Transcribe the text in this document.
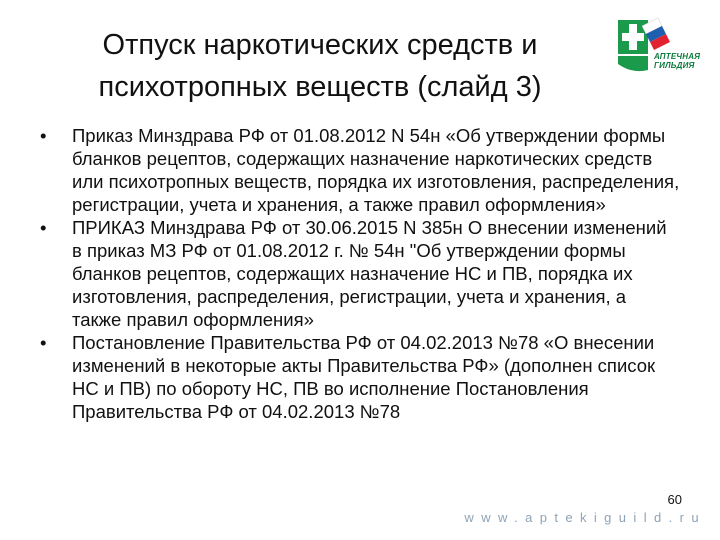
Отпуск наркотических средств и
психотропных веществ (слайд 3)
АПТЕЧНАЯ
ГИЛЬДИЯ
•	Приказ Минздрава РФ от 01.08.2012 N 54н «Об утверждении формы бланков рецептов, содержащих назначение наркотических средств или психотропных веществ, порядка их изготовления, распределения, регистрации, учета и хранения, а также правил оформления»
•	ПРИКАЗ Минздрава РФ от 30.06.2015 N 385н О внесении изменений в приказ МЗ РФ от 01.08.2012 г. № 54н "Об утверждении формы бланков рецептов, содержащих назначение НС и ПВ, порядка их изготовления, распределения, регистрации, учета и хранения, а также правил оформления»
•	Постановление Правительства РФ от 04.02.2013 №78 «О внесении изменений в некоторые акты Правительства РФ» (дополнен список НС и ПВ) по обороту НС, ПВ во исполнение Постановления Правительства РФ от 04.02.2013 №78
60
www.aptekiguild.ru
